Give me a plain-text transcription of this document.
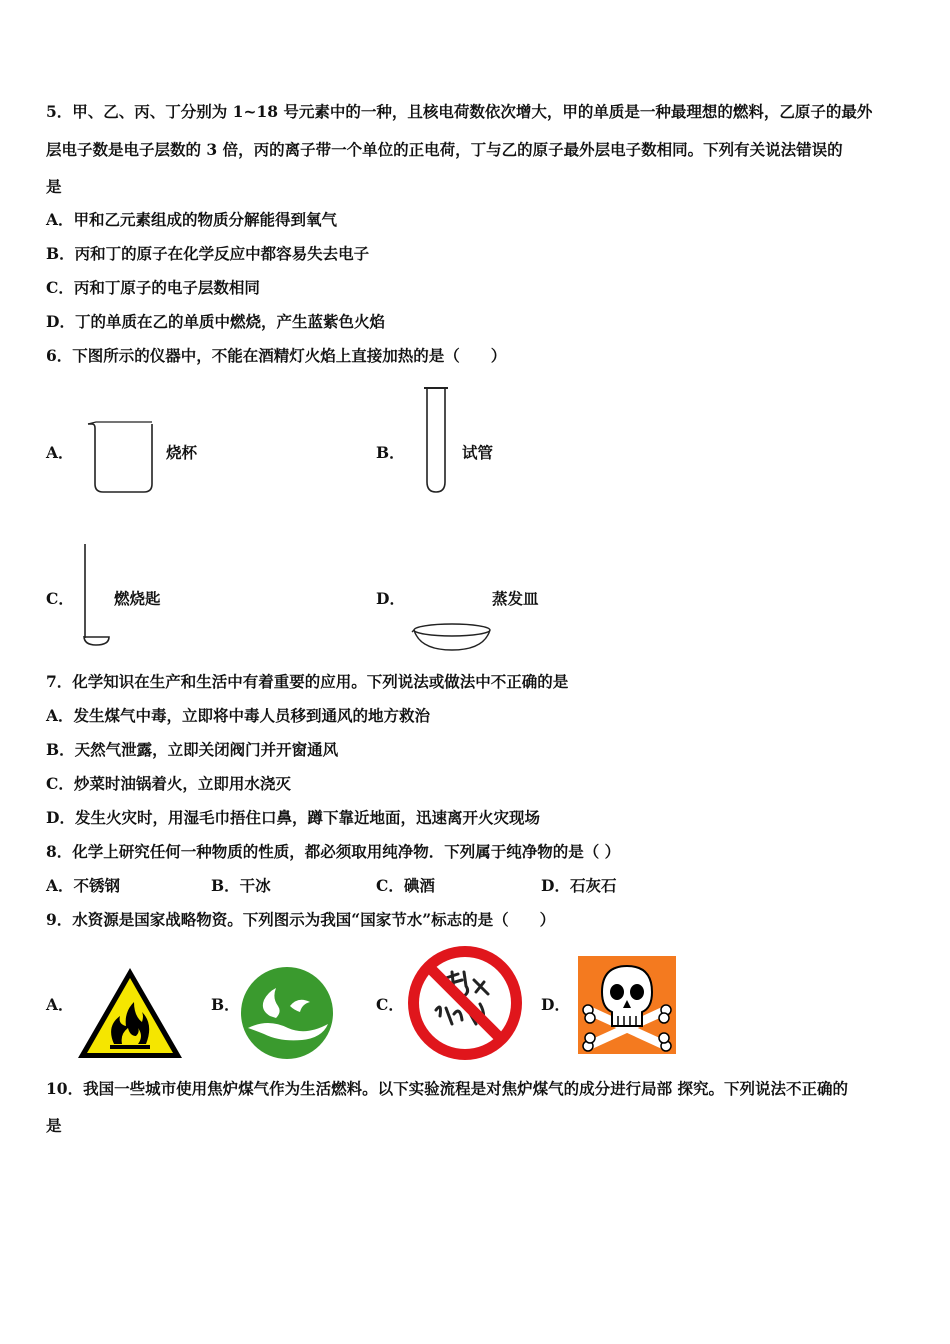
5．甲、乙、丙、丁分别为 1~18 号元素中的一种，且核电荷数依次增大，甲的单质是一种最理想的燃料，乙原子的最外
层电子数是电子层数的 3 倍，丙的离子带一个单位的正电荷，丁与乙的原子最外层电子数相同。下列有关说法错误的
是
A．甲和乙元素组成的物质分解能得到氧气
B．丙和丁的原子在化学反应中都容易失去电子
C．丙和丁原子的电子层数相同
D．丁的单质在乙的单质中燃烧，产生蓝紫色火焰
6．下图所示的仪器中，不能在酒精灯火焰上直接加热的是（　　）
A．	烧杯	B．	试管
C．	燃烧匙	D．	蒸发皿
7．化学知识在生产和生活中有着重要的应用。下列说法或做法中不正确的是
A．发生煤气中毒，立即将中毒人员移到通风的地方救治
B．天然气泄露，立即关闭阀门并开窗通风
C．炒菜时油锅着火，立即用水浇灭
D．发生火灾时，用湿毛巾捂住口鼻，蹲下靠近地面，迅速离开火灾现场
8．化学上研究任何一种物质的性质，都必须取用纯净物．下列属于纯净物的是（ ）
A．不锈钢	B．干冰	C．碘酒	D．石灰石
9．水资源是国家战略物资。下列图示为我国“国家节水”标志的是（　　）
A．	B．	C．	D．
10．我国一些城市使用焦炉煤气作为生活燃料。以下实验流程是对焦炉煤气的成分进行局部 探究。下列说法不正确的
是
